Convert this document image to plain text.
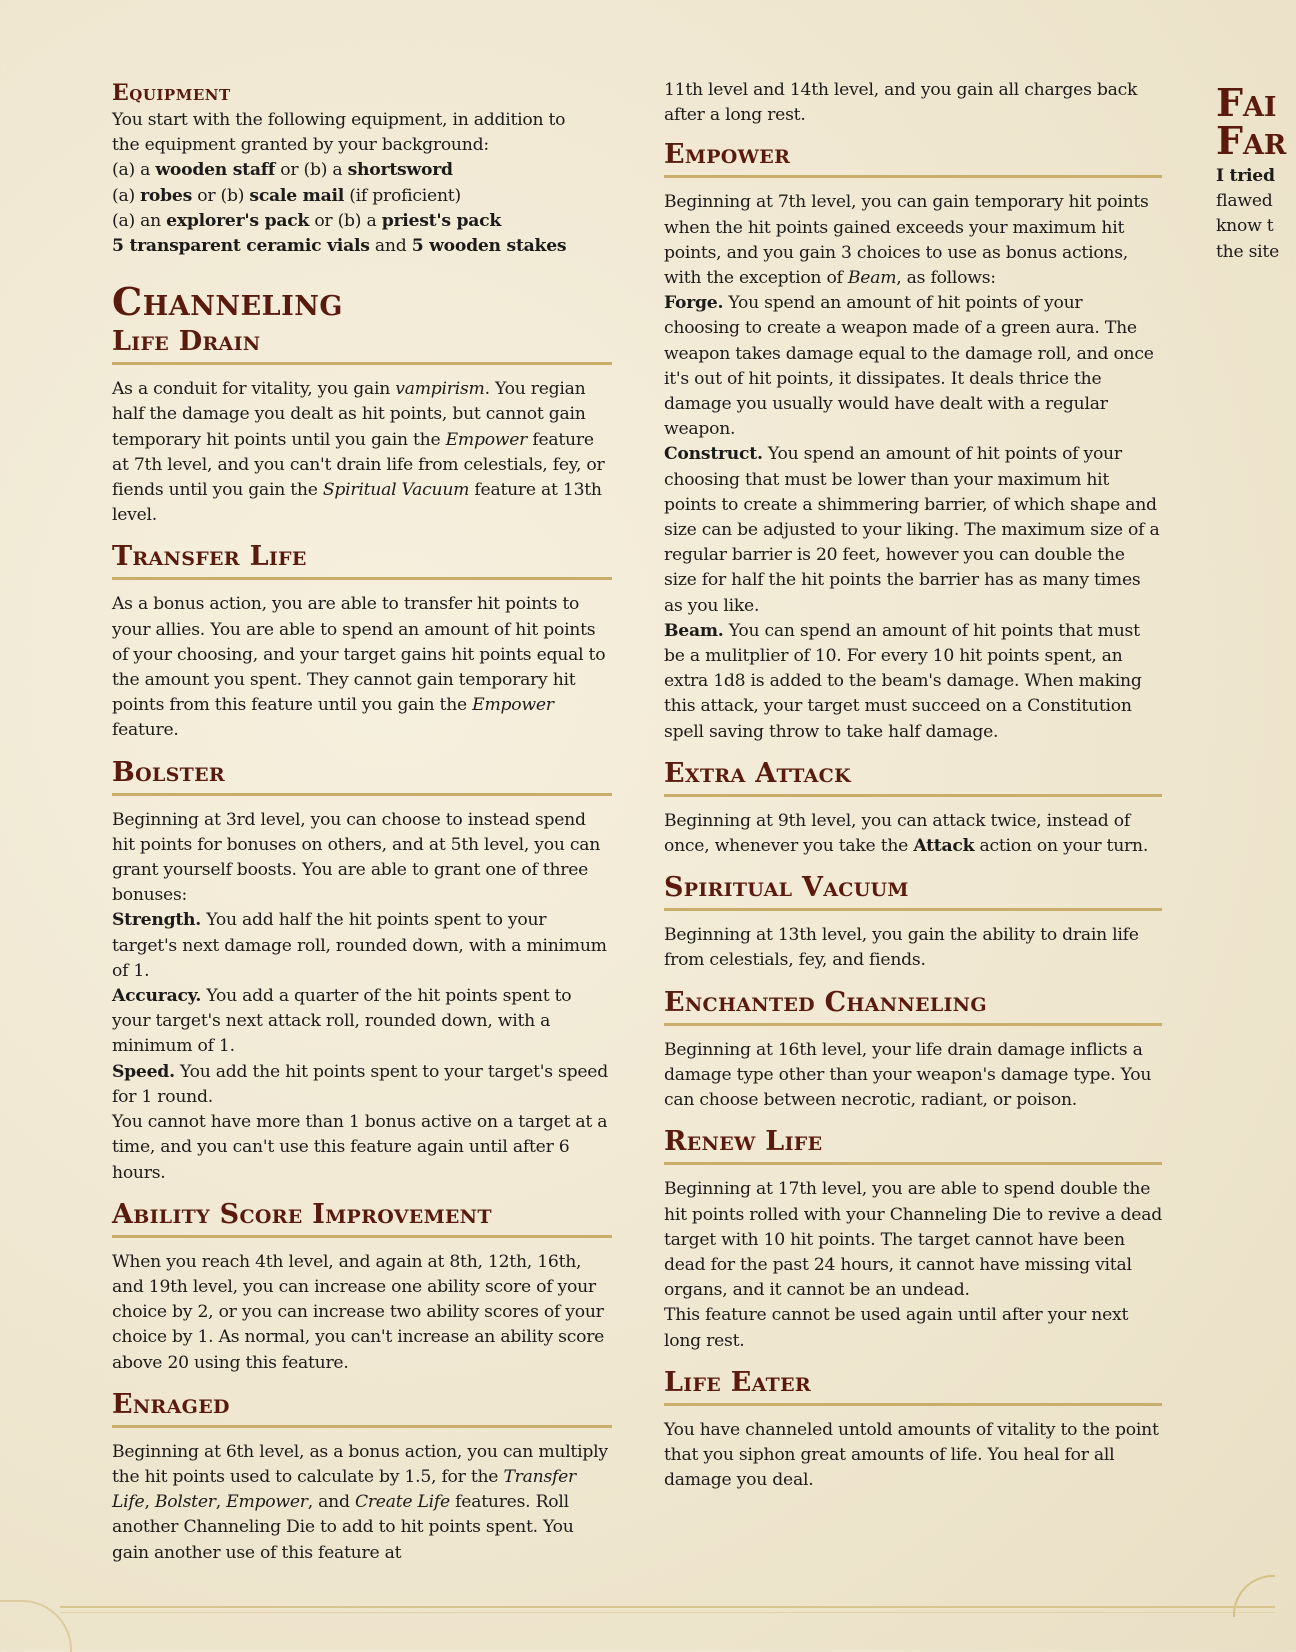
Equipment
You start with the following equipment, in addition to
the equipment granted by your background:
(a) a wooden staff or (b) a shortsword
(a) robes or (b) scale mail (if proficient)
(a) an explorer's pack or (b) a priest's pack
5 transparent ceramic vials and 5 wooden stakes
Channeling
Life Drain

As a conduit for vitality, you gain vampirism. You regian half the damage you dealt as hit points, but cannot gain temporary hit points until you gain the Empower feature at 7th level, and you can't drain life from celestials, fey, or fiends until you gain the Spiritual Vacuum feature at 13th level.

Transfer Life

As a bonus action, you are able to transfer hit points to your allies. You are able to spend an amount of hit points of your choosing, and your target gains hit points equal to the amount you spent. They cannot gain temporary hit points from this feature until you gain the Empower feature.

Bolster

Beginning at 3rd level, you can choose to instead spend hit points for bonuses on others, and at 5th level, you can grant yourself boosts. You are able to grant one of three bonuses:

Strength. You add half the hit points spent to your target's next damage roll, rounded down, with a minimum of 1.

Accuracy. You add a quarter of the hit points spent to your target's next attack roll, rounded down, with a minimum of 1.

Speed. You add the hit points spent to your target's speed for 1 round.

You cannot have more than 1 bonus active on a target at a time, and you can't use this feature again until after 6 hours.

Ability Score Improvement

When you reach 4th level, and again at 8th, 12th, 16th, and 19th level, you can increase one ability score of your choice by 2, or you can increase two ability scores of your choice by 1. As normal, you can't increase an ability score above 20 using this feature.

Enraged

Beginning at 6th level, as a bonus action, you can multiply the hit points used to calculate by 1.5, for the Transfer Life, Bolster, Empower, and Create Life features. Roll another Channeling Die to add to hit points spent. You gain another use of this feature at

11th level and 14th level, and you gain all charges back after a long rest.

Empower

Beginning at 7th level, you can gain temporary hit points when the hit points gained exceeds your maximum hit points, and you gain 3 choices to use as bonus actions, with the exception of Beam, as follows:

Forge. You spend an amount of hit points of your choosing to create a weapon made of a green aura. The weapon takes damage equal to the damage roll, and once it's out of hit points, it dissipates. It deals thrice the damage you usually would have dealt with a regular weapon.

Construct. You spend an amount of hit points of your choosing that must be lower than your maximum hit points to create a shimmering barrier, of which shape and size can be adjusted to your liking. The maximum size of a regular barrier is 20 feet, however you can double the size for half the hit points the barrier has as many times as you like.

Beam. You can spend an amount of hit points that must be a mulitplier of 10. For every 10 hit points spent, an extra 1d8 is added to the beam's damage. When making this attack, your target must succeed on a Constitution spell saving throw to take half damage.

Extra Attack

Beginning at 9th level, you can attack twice, instead of once, whenever you take the Attack action on your turn.

Spiritual Vacuum

Beginning at 13th level, you gain the ability to drain life from celestials, fey, and fiends.

Enchanted Channeling

Beginning at 16th level, your life drain damage inflicts a damage type other than your weapon's damage type. You can choose between necrotic, radiant, or poison.

Renew Life

Beginning at 17th level, you are able to spend double the hit points rolled with your Channeling Die to revive a dead target with 10 hit points. The target cannot have been dead for the past 24 hours, it cannot have missing vital organs, and it cannot be an undead.

This feature cannot be used again until after your next long rest.

Life Eater

You have channeled untold amounts of vitality to the point that you siphon great amounts of life. You heal for all damage you deal.

Fai
Far

I tried

flawed

know t

the site
